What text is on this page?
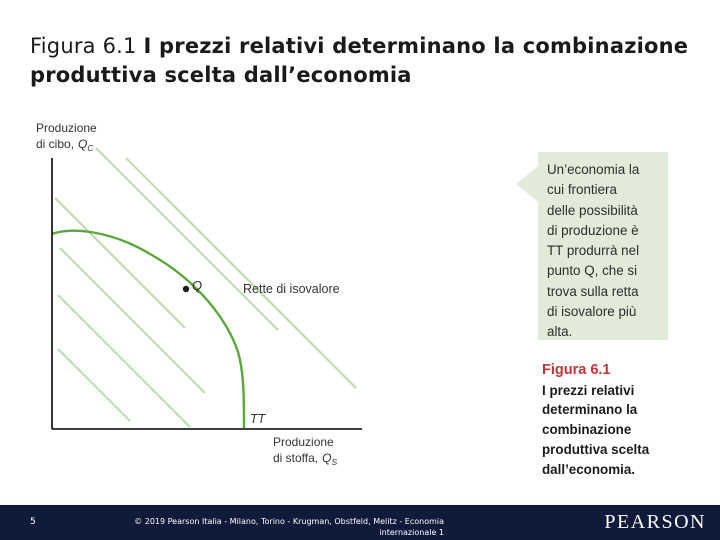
Figura 6.1 I prezzi relativi determinano la combinazione produttiva scelta dall’economia
Q	Rette di isovalore
TT
Produzione
di cibo, $Q_C$
Produzione
di stoffa, $Q_S$
Un’economia la
cui frontiera
delle possibilità
di produzione è
TT produrrà nel
punto Q, che si
trova sulla retta
di isovalore più
alta.
Figura 6.1
I prezzi relativi
determinano la
combinazione
produttiva scelta
dall’economia.
5	© 2019 Pearson Italia - Milano, Torino - Krugman, Obstfeld, Melitz - Economia
internazionale 1	PEARSON
